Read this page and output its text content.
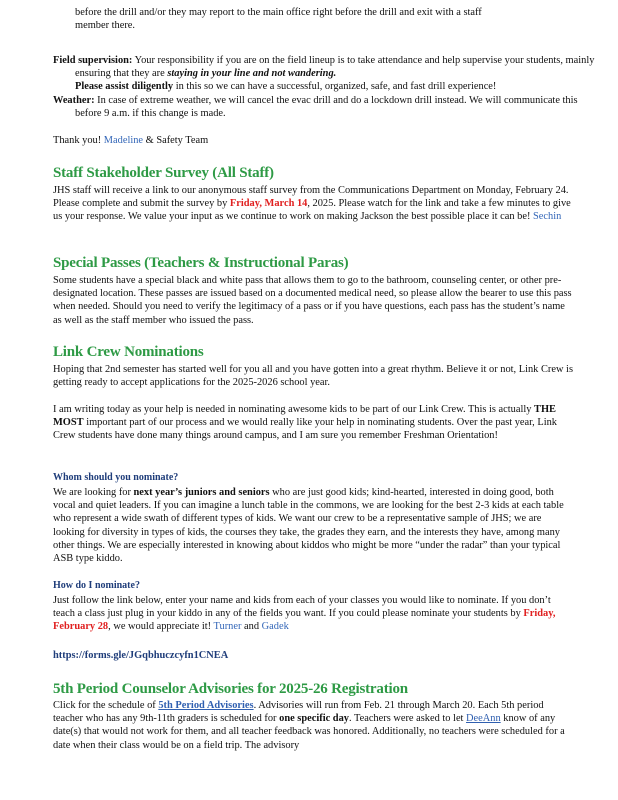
before the drill and/or they may report to the main office right before the drill and exit with a staff
member there.

Field supervision: Your responsibility if you are on the field lineup is to take attendance and help supervise your students, mainly ensuring that they are staying in your line and not wandering.
Please assist diligently in this so we can have a successful, organized, safe, and fast drill experience!

Weather: In case of extreme weather, we will cancel the evac drill and do a lockdown drill instead. We will communicate this before 9 a.m. if this change is made.

Thank you! Madeline & Safety Team

Staff Stakeholder Survey (All Staff)

JHS staff will receive a link to our anonymous staff survey from the Communications Department on Monday, February 24. Please complete and submit the survey by Friday, March 14, 2025. Please watch for the link and take a few minutes to give us your response. We value your input as we continue to work on making Jackson the best possible place it can be! Sechin

Special Passes (Teachers & Instructional Paras)

Some students have a special black and white pass that allows them to go to the bathroom, counseling center, or other pre-designated location. These passes are issued based on a documented medical need, so please allow the bearer to use this pass when needed. Should you need to verify the legitimacy of a pass or if you have questions, each pass has the student’s name as well as the staff member who issued the pass.

Link Crew Nominations

Hoping that 2nd semester has started well for you all and you have gotten into a great rhythm. Believe it or not, Link Crew is getting ready to accept applications for the 2025-2026 school year.

I am writing today as your help is needed in nominating awesome kids to be part of our Link Crew. This is actually THE MOST important part of our process and we would really like your help in nominating students. Over the past year, Link Crew students have done many things around campus, and I am sure you remember Freshman Orientation!

Whom should you nominate?

We are looking for next year’s juniors and seniors who are just good kids; kind-hearted, interested in doing good, both vocal and quiet leaders. If you can imagine a lunch table in the commons, we are looking for the best 2-3 kids at each table who represent a wide swath of different types of kids. We want our crew to be a representative sample of JHS; we are looking for diversity in types of kids, the courses they take, the grades they earn, and the interests they have, among many other things. We are especially interested in knowing about kiddos who might be more “under the radar” than your typical ASB type kiddo.

How do I nominate?

Just follow the link below, enter your name and kids from each of your classes you would like to nominate. If you don’t teach a class just plug in your kiddo in any of the fields you want. If you could please nominate your students by Friday, February 28, we would appreciate it! Turner and Gadek

https://forms.gle/JGqbhuczcyfn1CNEA
5th Period Counselor Advisories for 2025-26 Registration

Click for the schedule of 5th Period Advisories. Advisories will run from Feb. 21 through March 20. Each 5th period teacher who has any 9th-11th graders is scheduled for one specific day. Teachers were asked to let DeeAnn know of any date(s) that would not work for them, and all teacher feedback was honored. Additionally, no teachers were scheduled for a date when their class would be on a field trip. The advisory
